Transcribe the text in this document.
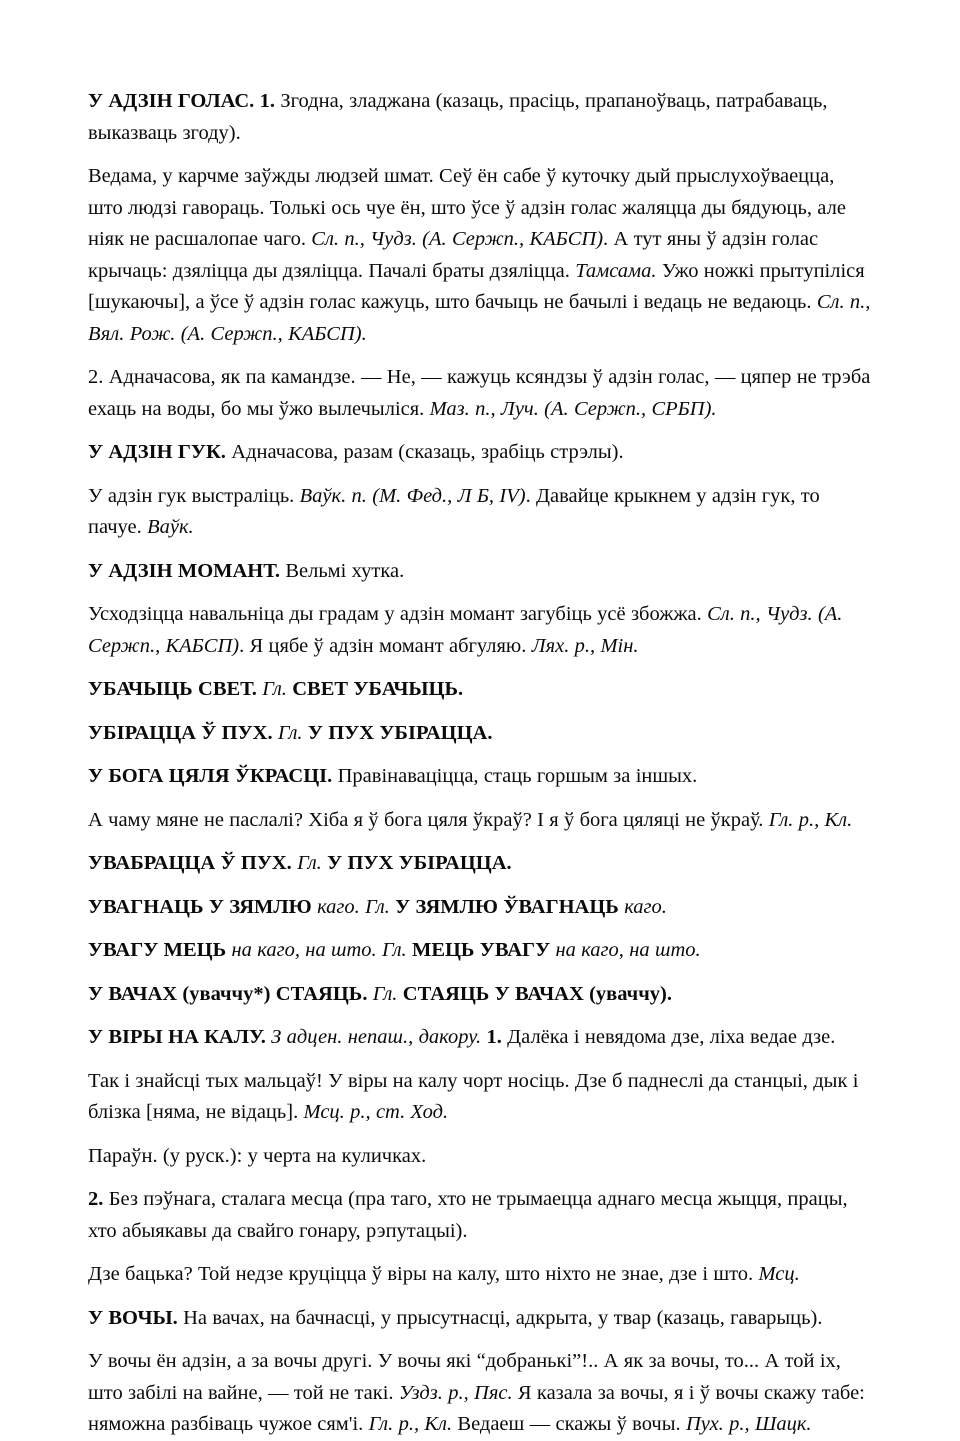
У АДЗІН ГОЛАС. 1. Згодна, зладжана (казаць, прасіць, прапаноўваць, патрабаваць, выказваць згоду).

Ведама, у карчме заўжды людзей шмат. Сеў ён сабе ў куточку дый прыслухоўваецца, што людзі гавораць. Толькі ось чуе ён, што ўсе ў адзін голас жаляцца ды бядуюць, але ніяк не расшалопае чаго. Сл. п., Чудз. (А. Сержп., КАБСП). А тут яны ў адзін голас крычаць: дзяліцца ды дзяліцца. Пачалі браты дзяліцца. Тамсама. Ужо ножкі прытупіліся [шукаючы], а ўсе ў адзін голас кажуць, што бачыць не бачылі і ведаць не ведаюць. Сл. п., Вял. Рож. (А. Сержп., КАБСП).

2. Адначасова, як па камандзе. — Не, — кажуць ксяндзы ў адзін голас, — цяпер не трэба ехаць на воды, бо мы ўжо вылечыліся. Маз. п., Луч. (А. Сержп., СРБП).

У АДЗІН ГУК. Адначасова, разам (сказаць, зрабіць стрэлы).

У адзін гук выстраліць. Ваўк. п. (М. Фед., Л Б, IV). Давайце крыкнем у адзін гук, то пачуе. Ваўк.

У АДЗІН МОМАНТ. Вельмі хутка.

Усходзіцца навальніца ды градам у адзін момант загубіць усё збожжа. Сл. п., Чудз. (А. Сержп., КАБСП). Я цябе ў адзін момант абгуляю. Лях. р., Мін.

УБАЧЫЦЬ СВЕТ. Гл. СВЕТ УБАЧЫЦЬ.

УБІРАЦЦА Ў ПУХ. Гл. У ПУХ УБІРАЦЦА.

У БОГА ЦЯЛЯ ЎКРАСЦІ. Правінаваціцца, стаць горшым за іншых.

А чаму мяне не паслалі? Хіба я ў бога цяля ўкраў? І я ў бога цяляці не ўкраў. Гл. р., Кл.

УВАБРАЦЦА Ў ПУХ. Гл. У ПУХ УБІРАЦЦА.

УВАГНАЦЬ У ЗЯМЛЮ каго. Гл. У ЗЯМЛЮ ЎВАГНАЦЬ каго.

УВАГУ МЕЦЬ на каго, на што. Гл. МЕЦЬ УВАГУ на каго, на што.

У ВАЧАХ (уваччу*) СТАЯЦЬ. Гл. СТАЯЦЬ У ВАЧАХ (уваччу).

У ВІРЫ НА КАЛУ. З адцен. непаш., дакору. 1. Далёка і невядома дзе, ліха ведае дзе.

Так і знайсці тых мальцаў! У віры на калу чорт носіць. Дзе б паднеслі да станцыі, дык і блізка [няма, не відаць]. Мсц. р., ст. Ход.

Параўн. (у руск.): у черта на куличках.

2. Без пэўнага, сталага месца (пра таго, хто не трымаецца аднаго месца жыцця, працы, хто абыякавы да свайго гонару, рэпутацыі).

Дзе бацька? Той недзе круціцца ў віры на калу, што ніхто не знае, дзе і што. Мсц.

У ВОЧЫ. На вачах, на бачнасці, у прысутнасці, адкрыта, у твар (казаць, гаварыць).

У вочы ён адзін, а за вочы другі. У вочы які “добранькі”!.. А як за вочы, то... А той іх, што забілі на вайне, — той не такі. Уздз. р., Пяс. Я казала за вочы, я і ў вочы скажу табе: няможна разбіваць чужое сям'і. Гл. р., Кл. Ведаеш — скажы ў вочы. Пух. р., Шацк.
